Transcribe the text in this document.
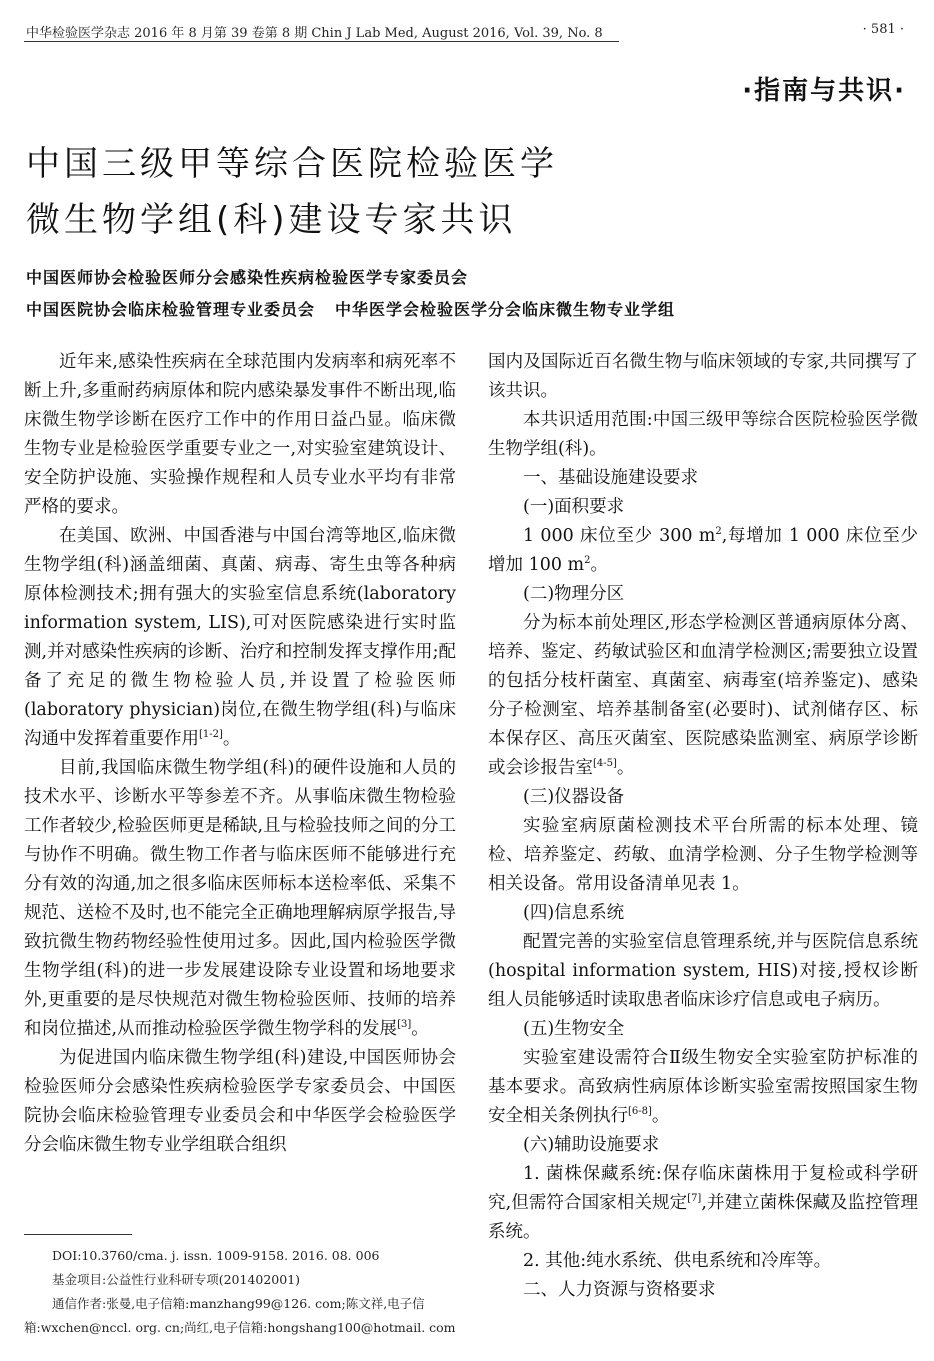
中华检验医学杂志 2016 年 8 月第 39 卷第 8 期 Chin J Lab Med, August 2016, Vol. 39, No. 8	· 581 ·
·指南与共识·
中国三级甲等综合医院检验医学
微生物学组(科)建设专家共识
中国医师协会检验医师分会感染性疾病检验医学专家委员会
中国医院协会临床检验管理专业委员会 中华医学会检验医学分会临床微生物专业学组

近年来,感染性疾病在全球范围内发病率和病死率不断上升,多重耐药病原体和院内感染暴发事件不断出现,临床微生物学诊断在医疗工作中的作用日益凸显。临床微生物专业是检验医学重要专业之一,对实验室建筑设计、安全防护设施、实验操作规程和人员专业水平均有非常严格的要求。

在美国、欧洲、中国香港与中国台湾等地区,临床微生物学组(科)涵盖细菌、真菌、病毒、寄生虫等各种病原体检测技术;拥有强大的实验室信息系统(laboratory information system, LIS),可对医院感染进行实时监测,并对感染性疾病的诊断、治疗和控制发挥支撑作用;配备了充足的微生物检验人员,并设置了检验医师(laboratory physician)岗位,在微生物学组(科)与临床沟通中发挥着重要作用[1-2]。

目前,我国临床微生物学组(科)的硬件设施和人员的技术水平、诊断水平等参差不齐。从事临床微生物检验工作者较少,检验医师更是稀缺,且与检验技师之间的分工与协作不明确。微生物工作者与临床医师不能够进行充分有效的沟通,加之很多临床医师标本送检率低、采集不规范、送检不及时,也不能完全正确地理解病原学报告,导致抗微生物药物经验性使用过多。因此,国内检验医学微生物学组(科)的进一步发展建设除专业设置和场地要求外,更重要的是尽快规范对微生物检验医师、技师的培养和岗位描述,从而推动检验医学微生物学科的发展[3]。

为促进国内临床微生物学组(科)建设,中国医师协会检验医师分会感染性疾病检验医学专家委员会、中国医院协会临床检验管理专业委员会和中华医学会检验医学分会临床微生物专业学组联合组织

国内及国际近百名微生物与临床领域的专家,共同撰写了该共识。

本共识适用范围:中国三级甲等综合医院检验医学微生物学组(科)。

一、基础设施建设要求

(一)面积要求

1 000 床位至少 300 $m^2$,每增加 1 000 床位至少增加 100 $m^2$。

(二)物理分区

分为标本前处理区,形态学检测区普通病原体分离、培养、鉴定、药敏试验区和血清学检测区;需要独立设置的包括分枝杆菌室、真菌室、病毒室(培养鉴定)、感染分子检测室、培养基制备室(必要时)、试剂储存区、标本保存区、高压灭菌室、医院感染监测室、病原学诊断或会诊报告室[4-5]。

(三)仪器设备

实验室病原菌检测技术平台所需的标本处理、镜检、培养鉴定、药敏、血清学检测、分子生物学检测等相关设备。常用设备清单见表 1。

(四)信息系统

配置完善的实验室信息管理系统,并与医院信息系统(hospital information system, HIS)对接,授权诊断组人员能够适时读取患者临床诊疗信息或电子病历。

(五)生物安全

实验室建设需符合Ⅱ级生物安全实验室防护标准的基本要求。高致病性病原体诊断实验室需按照国家生物安全相关条例执行[6-8]。

(六)辅助设施要求

1. 菌株保藏系统:保存临床菌株用于复检或科学研究,但需符合国家相关规定[7],并建立菌株保藏及监控管理系统。

2. 其他:纯水系统、供电系统和冷库等。

二、人力资源与资格要求

DOI:10.3760/cma. j. issn. 1009-9158. 2016. 08. 006

基金项目:公益性行业科研专项(201402001)

通信作者:张曼,电子信箱:manzhang99@126. com;陈文祥,电子信

箱:wxchen@nccl. org. cn;尚红,电子信箱:hongshang100@hotmail. com
